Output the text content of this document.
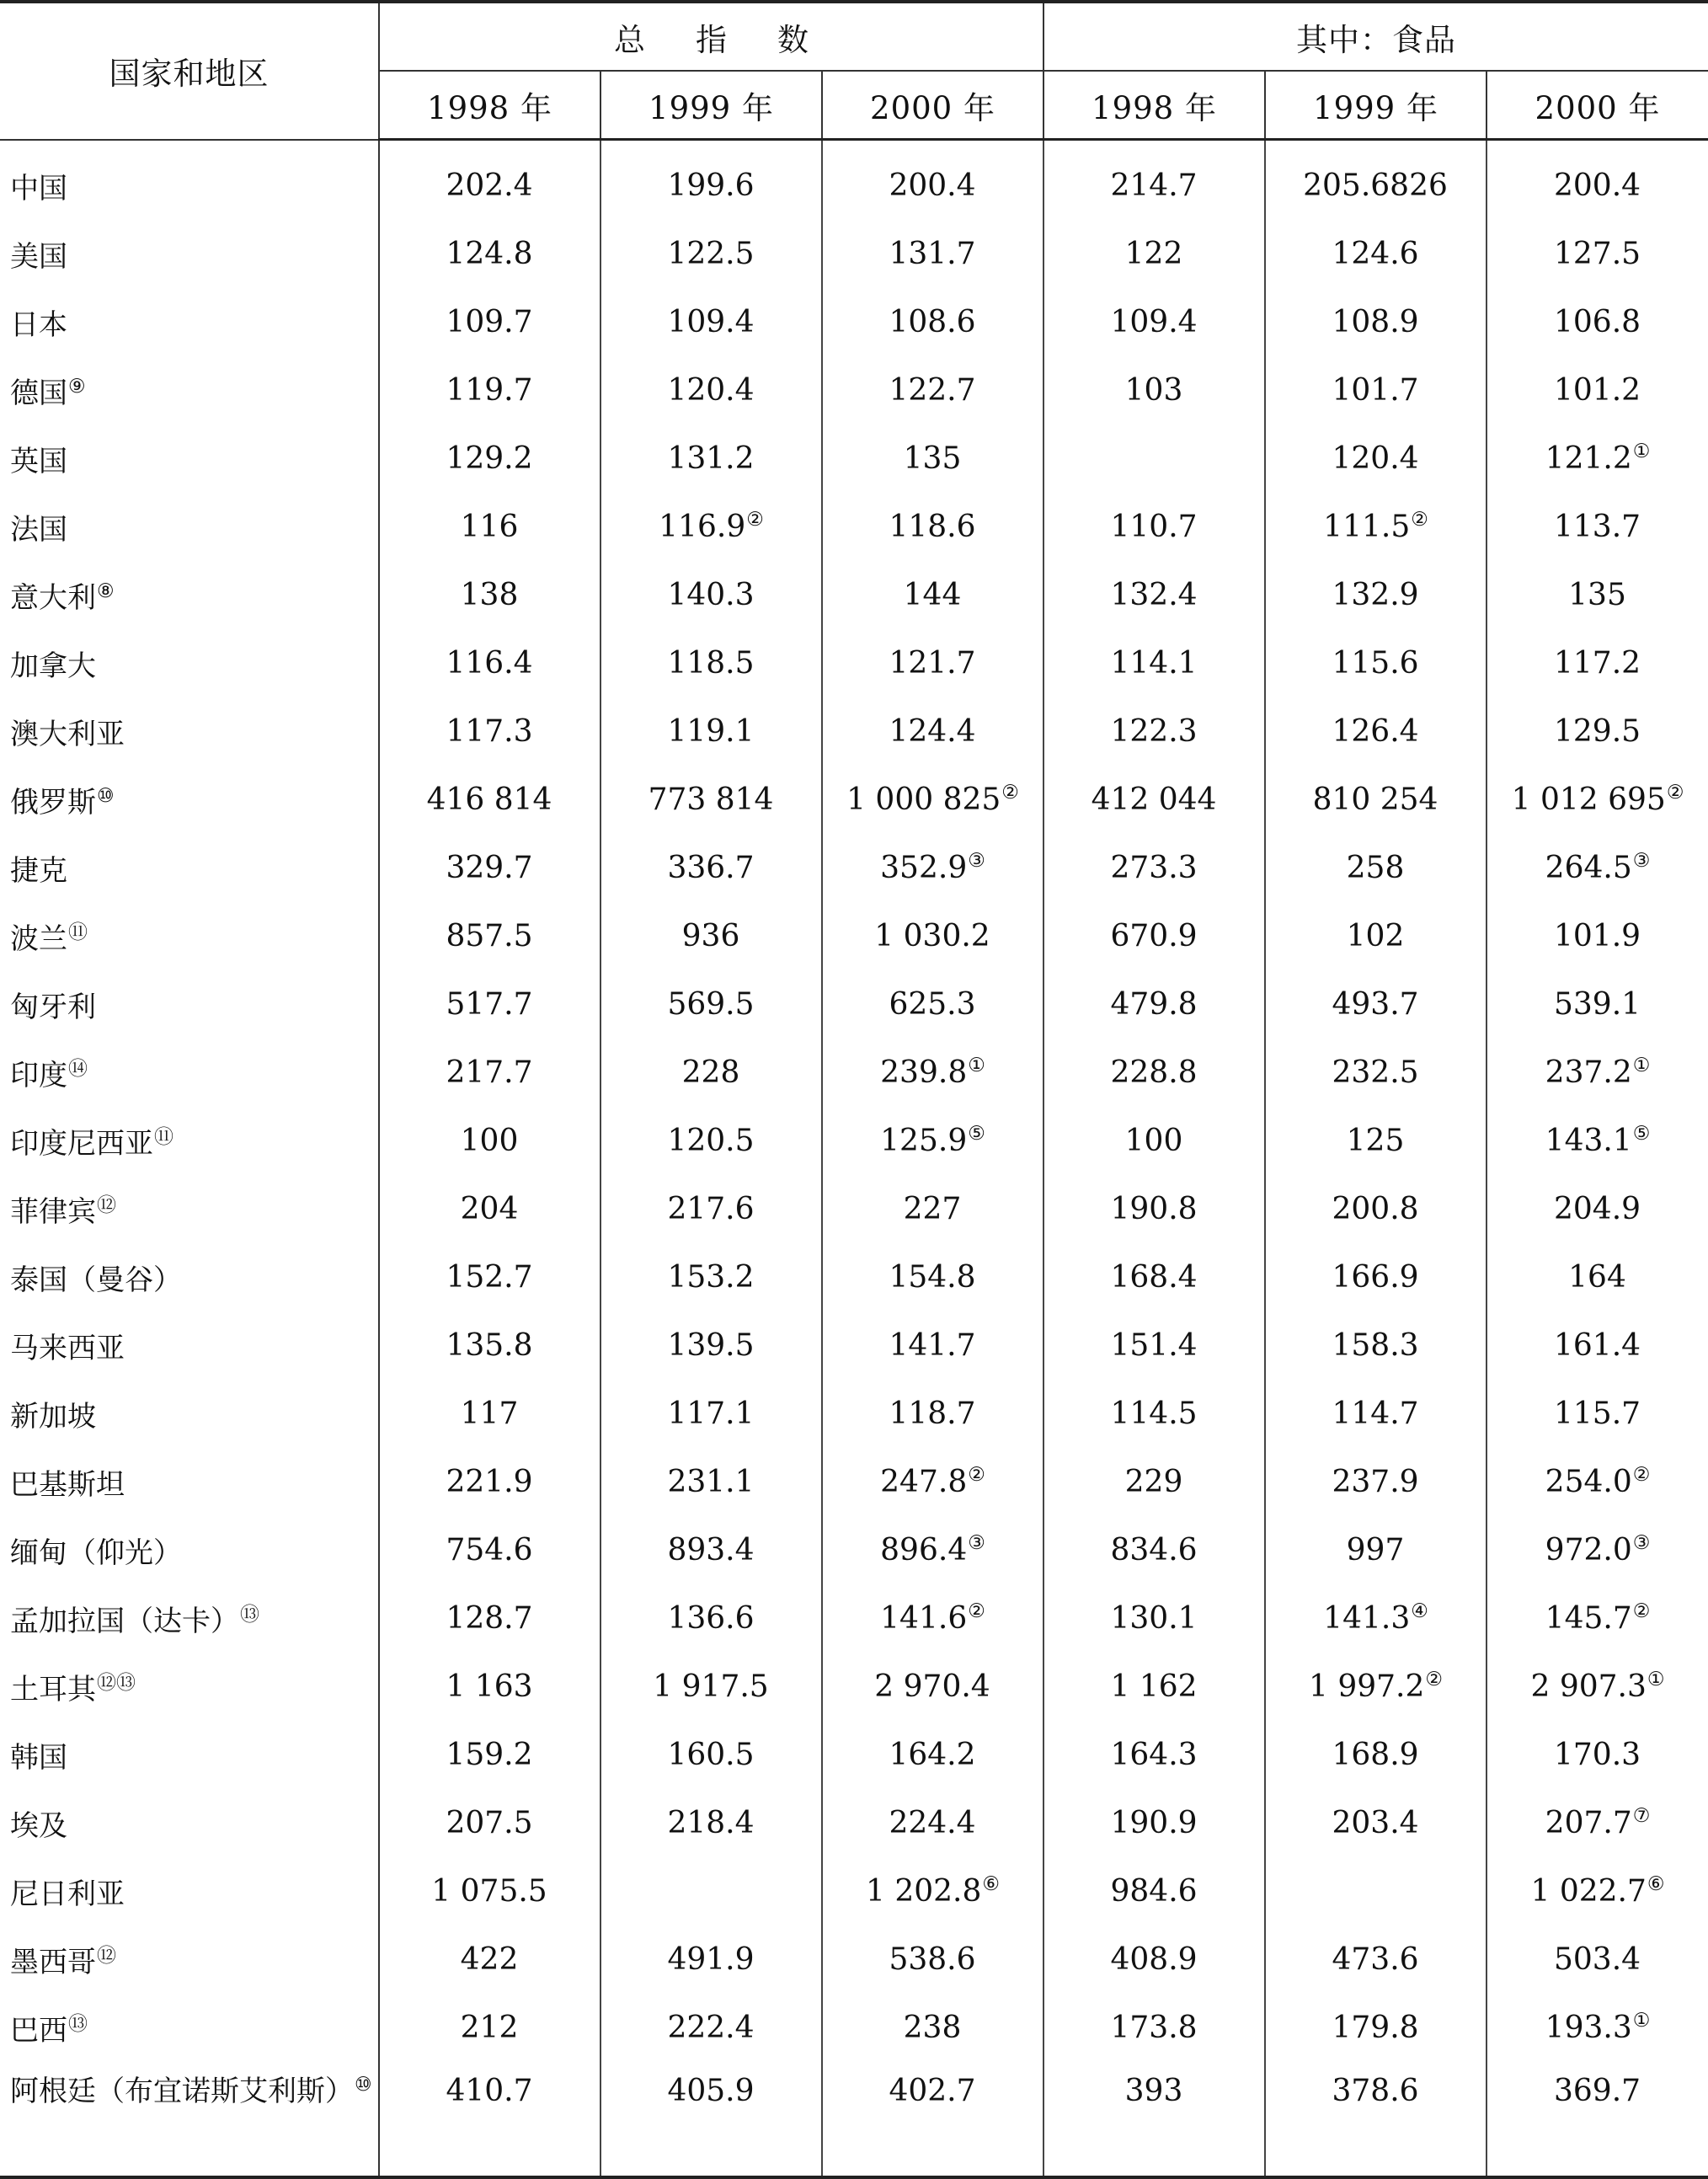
国家和地区	总指数			其中：食品		
	1998 年	1999 年	2000 年	1998 年	1999 年	2000 年
中国	202.4	199.6	200.4	214.7	205.6826	200.4
美国	124.8	122.5	131.7	122	124.6	127.5
日本	109.7	109.4	108.6	109.4	108.9	106.8
德国⑨	119.7	120.4	122.7	103	101.7	101.2
英国	129.2	131.2	135		120.4	121.2①
法国	116	116.9②	118.6	110.7	111.5②	113.7
意大利⑧	138	140.3	144	132.4	132.9	135
加拿大	116.4	118.5	121.7	114.1	115.6	117.2
澳大利亚	117.3	119.1	124.4	122.3	126.4	129.5
俄罗斯⑩	416 814	773 814	1 000 825②	412 044	810 254	1 012 695②
捷克	329.7	336.7	352.9③	273.3	258	264.5③
波兰⑪	857.5	936	1 030.2	670.9	102	101.9
匈牙利	517.7	569.5	625.3	479.8	493.7	539.1
印度⑭	217.7	228	239.8①	228.8	232.5	237.2①
印度尼西亚⑪	100	120.5	125.9⑤	100	125	143.1⑤
菲律宾⑫	204	217.6	227	190.8	200.8	204.9
泰国（曼谷）	152.7	153.2	154.8	168.4	166.9	164
马来西亚	135.8	139.5	141.7	151.4	158.3	161.4
新加坡	117	117.1	118.7	114.5	114.7	115.7
巴基斯坦	221.9	231.1	247.8②	229	237.9	254.0②
缅甸（仰光）	754.6	893.4	896.4③	834.6	997	972.0③
孟加拉国（达卡）⑬	128.7	136.6	141.6②	130.1	141.3④	145.7②
土耳其⑫⑬	1 163	1 917.5	2 970.4	1 162	1 997.2②	2 907.3①
韩国	159.2	160.5	164.2	164.3	168.9	170.3
埃及	207.5	218.4	224.4	190.9	203.4	207.7⑦
尼日利亚	1 075.5		1 202.8⑥	984.6		1 022.7⑥
墨西哥⑫	422	491.9	538.6	408.9	473.6	503.4
巴西⑬	212	222.4	238	173.8	179.8	193.3①
阿根廷（布宜诺斯艾利斯）⑩	410.7	405.9	402.7	393	378.6	369.7
